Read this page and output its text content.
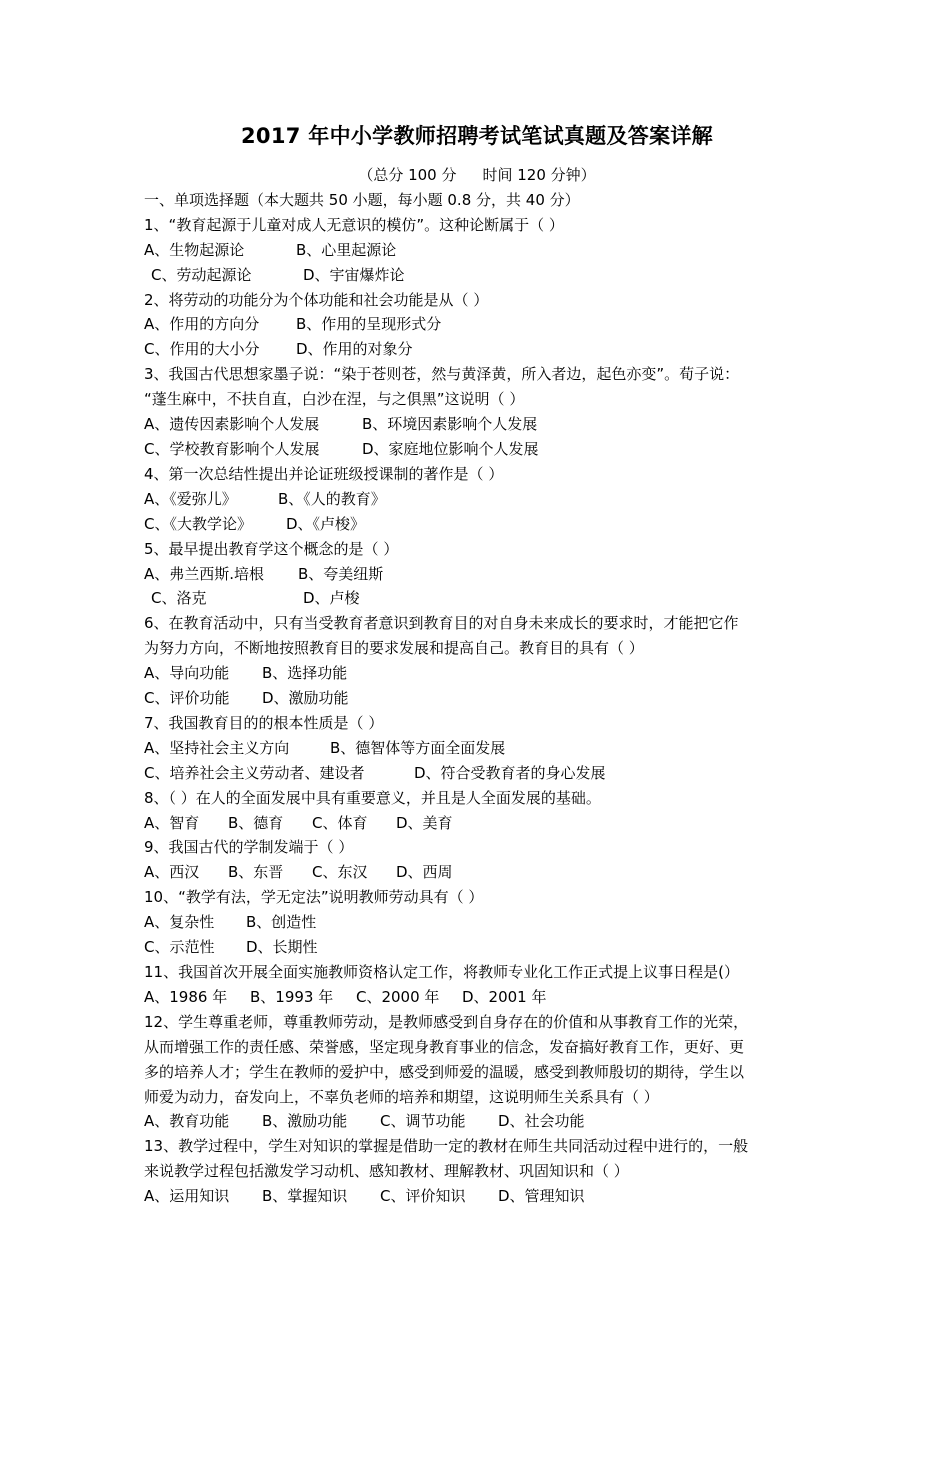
2017 年中小学教师招聘考试笔试真题及答案详解
（总分 100 分 时间 120 分钟）
一、单项选择题（本大题共 50 小题，每小题 0.8 分，共 40 分）
1、“教育起源于儿童对成人无意识的模仿”。这种论断属于（ ）
A、生物起源论	B、心里起源论
C、劳动起源论	D、宇宙爆炸论
2、将劳动的功能分为个体功能和社会功能是从（ ）
A、作用的方向分 B、作用的呈现形式分
C、作用的大小分 D、作用的对象分
3、我国古代思想家墨子说：“染于苍则苍，然与黄泽黄，所入者边，起色亦变”。荀子说：
“蓬生麻中，不扶自直，白沙在涅，与之俱黑”这说明（ ）
A、遗传因素影响个人发展	B、环境因素影响个人发展
C、学校教育影响个人发展	D、家庭地位影响个人发展
4、第一次总结性提出并论证班级授课制的著作是（ ）
A、《爱弥儿》	B、《人的教育》
C、《大教学论》 D、《卢梭》
5、最早提出教育学这个概念的是（ ）
A、弗兰西斯.培根 B、夸美纽斯
C、洛克	D、卢梭
6、在教育活动中，只有当受教育者意识到教育目的对自身未来成长的要求时，才能把它作
为努力方向，不断地按照教育目的要求发展和提高自己。教育目的具有（ ）
A、导向功能 B、选择功能
C、评价功能 D、激励功能
7、我国教育目的的根本性质是（ ）
A、坚持社会主义方向	B、德智体等方面全面发展
C、培养社会主义劳动者、建设者	D、符合受教育者的身心发展
8、（ ）在人的全面发展中具有重要意义，并且是人全面发展的基础。
A、智育 B、德育 C、体育 D、美育
9、我国古代的学制发端于（ ）
A、西汉 B、东晋 C、东汉 D、西周
10、“教学有法，学无定法”说明教师劳动具有（ ）
A、复杂性 B、创造性
C、示范性 D、长期性
11、我国首次开展全面实施教师资格认定工作，将教师专业化工作正式提上议事日程是(）
A、1986 年 B、1993 年 C、2000 年 D、2001 年
12、学生尊重老师，尊重教师劳动，是教师感受到自身存在的价值和从事教育工作的光荣，
从而增强工作的责任感、荣誉感，坚定现身教育事业的信念，发奋搞好教育工作，更好、更
多的培养人才；学生在教师的爱护中，感受到师爱的温暖，感受到教师殷切的期待，学生以
师爱为动力，奋发向上，不辜负老师的培养和期望，这说明师生关系具有（ ）
A、教育功能 B、激励功能 C、调节功能 D、社会功能
13、教学过程中，学生对知识的掌握是借助一定的教材在师生共同活动过程中进行的，一般
来说教学过程包括激发学习动机、感知教材、理解教材、巩固知识和（ ）
A、运用知识 B、掌握知识 C、评价知识 D、管理知识
